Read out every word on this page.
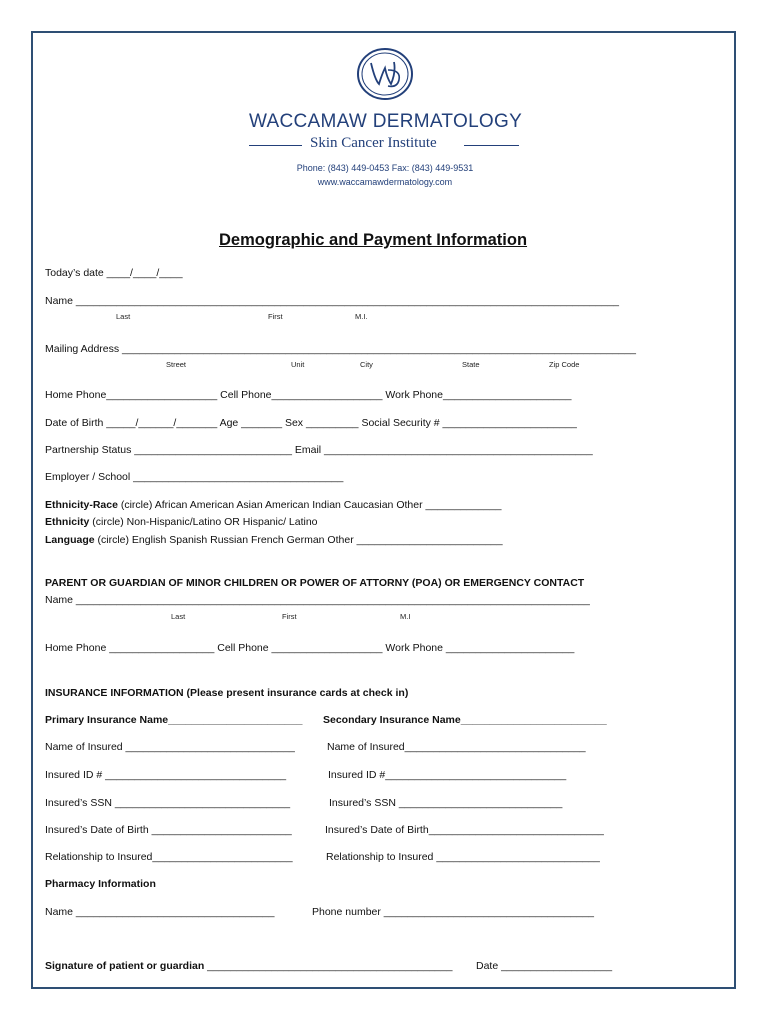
WACCAMAW DERMATOLOGY
Skin Cancer Institute
Phone: (843) 449-0453 Fax: (843) 449-9531
www.waccamawdermatology.com
Demographic and Payment Information
Today’s date ____/____/____
Name _____________________________________________________________________________________________
Last	First	M.I.
Mailing Address ________________________________________________________________________________________
Street	Unit	City	State	Zip Code
Home Phone___________________ Cell Phone___________________ Work Phone______________________
Date of Birth _____/______/_______ Age _______ Sex _________ Social Security # _______________________
Partnership Status ___________________________ Email ______________________________________________
Employer / School ____________________________________
Ethnicity-Race (circle) African American Asian American Indian Caucasian Other _____________
Ethnicity (circle) Non-Hispanic/Latino OR Hispanic/ Latino
Language (circle) English Spanish Russian French German Other _________________________
PARENT OR GUARDIAN OF MINOR CHILDREN OR POWER OF ATTORNY (POA) OR EMERGENCY CONTACT
Name ________________________________________________________________________________________
Last	First	M.I
Home Phone __________________ Cell Phone ___________________ Work Phone ______________________
INSURANCE INFORMATION (Please present insurance cards at check in)
Primary Insurance Name_______________________ Secondary Insurance Name_________________________
Name of Insured _____________________________	Name of Insured_______________________________
Insured ID # _______________________________	Insured ID #_______________________________
Insured’s SSN ______________________________	Insured’s SSN ____________________________
Insured’s Date of Birth ________________________	Insured’s Date of Birth______________________________
Relationship to Insured________________________	Relationship to Insured ____________________________
Pharmacy Information
Name __________________________________	Phone number ____________________________________
Signature of patient or guardian __________________________________________ Date ___________________
